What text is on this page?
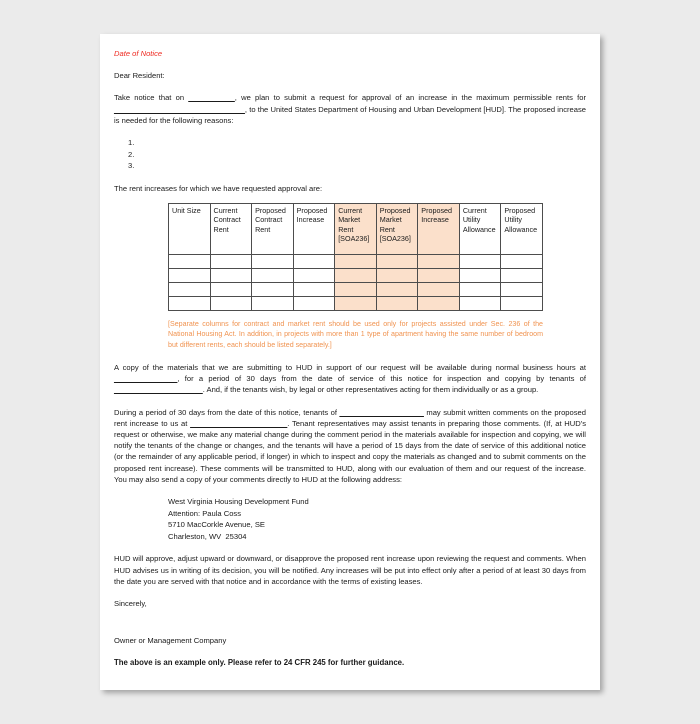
Date of Notice
Dear Resident:

Take notice that on ___________, we plan to submit a request for approval of an increase in the maximum permissible rents for _______________________________, to the United States Department of Housing and Urban Development [HUD]. The proposed increase is needed for the following reasons:

1.
2.
3.
The rent increases for which we have requested approval are:
Unit Size	Current Contract Rent	Proposed Contract Rent	Proposed Increase	Current Market Rent [SOA236]	Proposed Market Rent [SOA236]	Proposed Increase	Current Utility Allowance	Proposed Utility Allowance

[Separate columns for contract and market rent should be used only for projects assisted under Sec. 236 of the National Housing Act. In addition, in projects with more than 1 type of apartment having the same number of bedroom but different rents, each should be listed separately.]

A copy of the materials that we are submitting to HUD in support of our request will be available during normal business hours at _______________, for a period of 30 days from the date of service of this notice for inspection and copying by tenants of _____________________. And, if the tenants wish, by legal or other representatives acting for them individually or as a group.

During a period of 30 days from the date of this notice, tenants of ____________________ may submit written comments on the proposed rent increase to us at _______________________. Tenant representatives may assist tenants in preparing those comments. (If, at HUD's request or otherwise, we make any material change during the comment period in the materials available for inspection and copying, we will notify the tenants of the change or changes, and the tenants will have a period of 15 days from the date of service of this additional notice (or the remainder of any applicable period, if longer) in which to inspect and copy the materials as changed and to submit comments on the proposed rent increase). These comments will be transmitted to HUD, along with our evaluation of them and our request of the increase. You may also send a copy of your comments directly to HUD at the following address:

West Virginia Housing Development Fund
Attention: Paula Coss
5710 MacCorkle Avenue, SE
Charleston, WV  25304

HUD will approve, adjust upward or downward, or disapprove the proposed rent increase upon reviewing the request and comments. When HUD advises us in writing of its decision, you will be notified. Any increases will be put into effect only after a period of at least 30 days from the date you are served with that notice and in accordance with the terms of existing leases.

Sincerely,
Owner or Management Company
The above is an example only. Please refer to 24 CFR 245 for further guidance.
